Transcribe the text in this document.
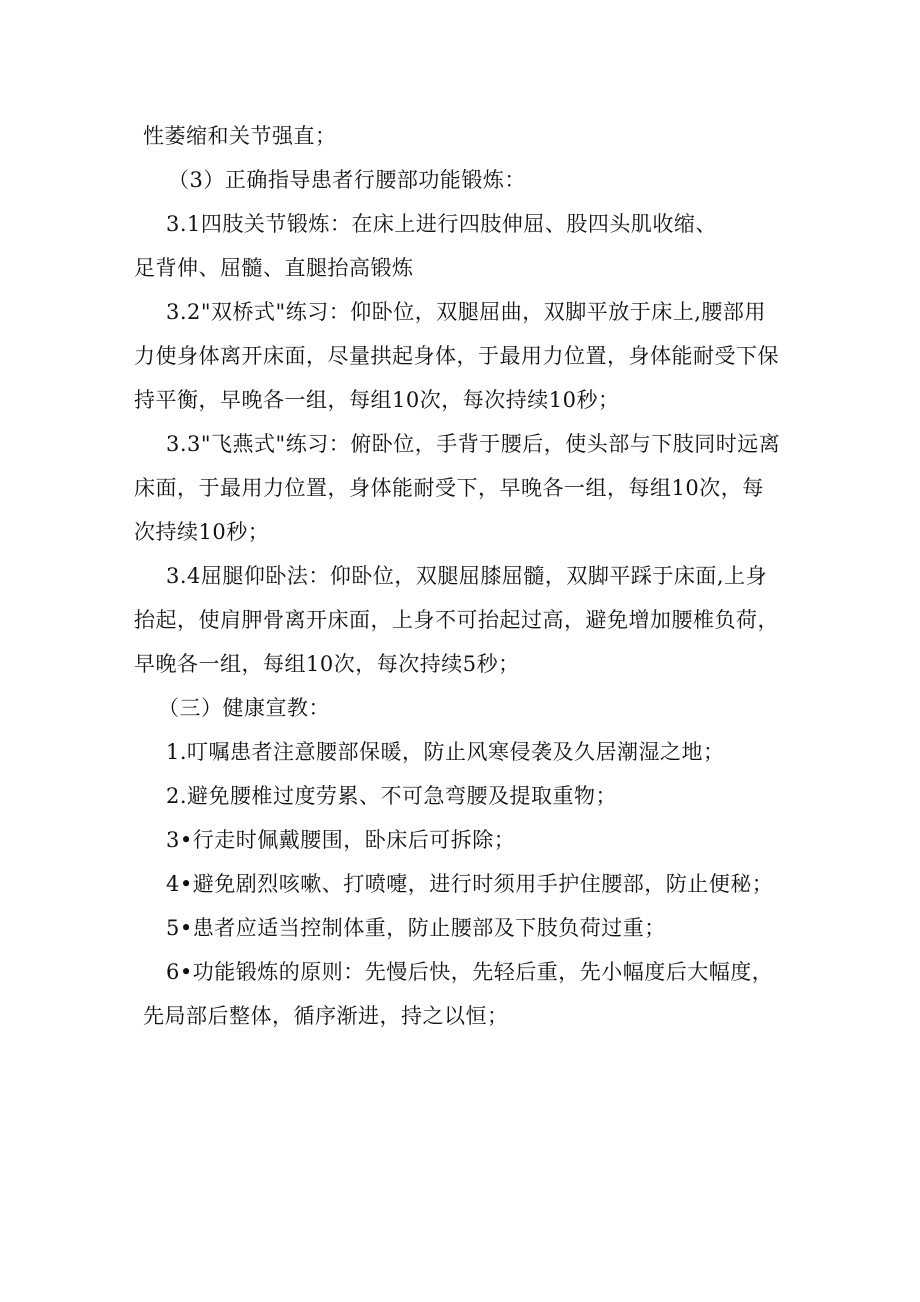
性萎缩和关节强直；
（3）正确指导患者行腰部功能锻炼：
3.1四肢关节锻炼：在床上进行四肢伸屈、股四头肌收缩、
足背伸、屈髓、直腿抬高锻炼
3.2"双桥式"练习：仰卧位，双腿屈曲，双脚平放于床上,腰部用
力使身体离开床面，尽量拱起身体，于最用力位置，身体能耐受下保
持平衡，早晚各一组，每组10次，每次持续10秒；
3.3"飞燕式"练习：俯卧位，手背于腰后，使头部与下肢同时远离
床面，于最用力位置，身体能耐受下，早晚各一组，每组10次，每
次持续10秒；
3.4屈腿仰卧法：仰卧位，双腿屈膝屈髓，双脚平踩于床面,上身
抬起，使肩胛骨离开床面，上身不可抬起过高，避免增加腰椎负荷，
早晚各一组，每组10次，每次持续5秒；
（三）健康宣教：
1.叮嘱患者注意腰部保暖，防止风寒侵袭及久居潮湿之地；
2.避免腰椎过度劳累、不可急弯腰及提取重物；
3•行走时佩戴腰围，卧床后可拆除；
4•避免剧烈咳嗽、打喷嚏，进行时须用手护住腰部，防止便秘；
5•患者应适当控制体重，防止腰部及下肢负荷过重；
6•功能锻炼的原则：先慢后快，先轻后重，先小幅度后大幅度，
先局部后整体，循序渐进，持之以恒；
